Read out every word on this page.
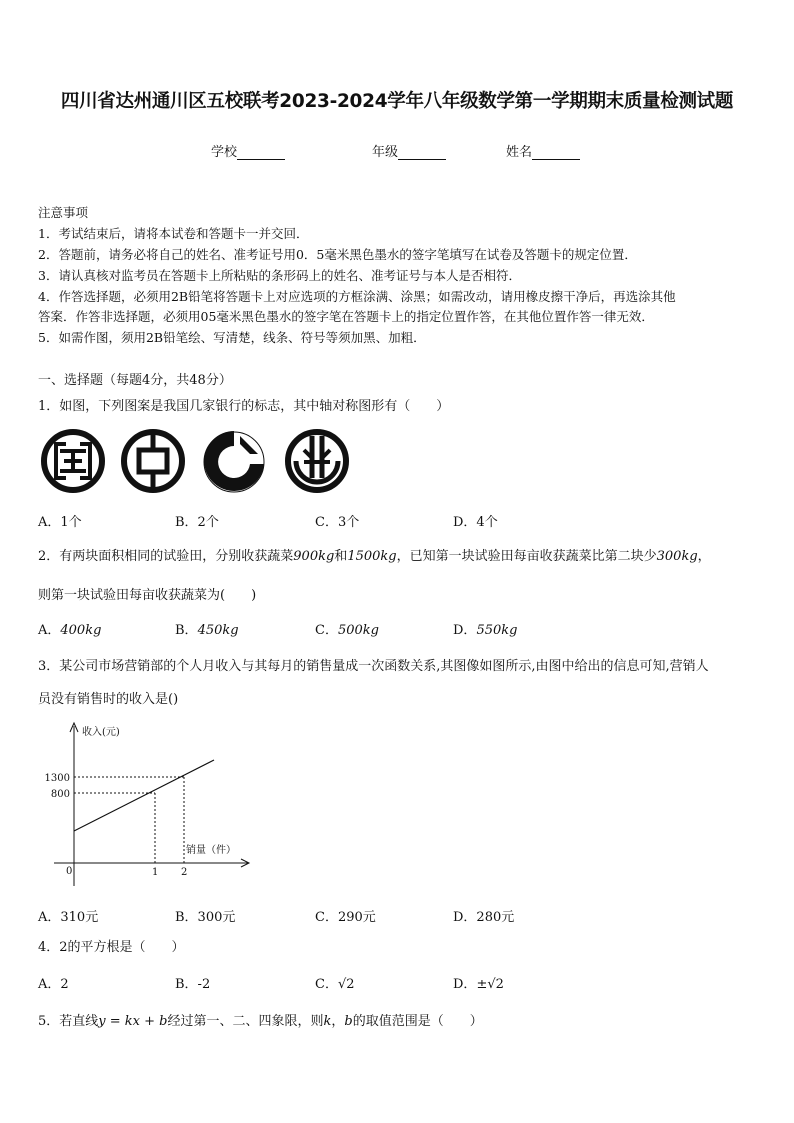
四川省达州通川区五校联考2023-2024学年八年级数学第一学期期末质量检测试题
学校	年级	姓名
注意事项
1．考试结束后，请将本试卷和答题卡一并交回．
2．答题前，请务必将自己的姓名、准考证号用0．5毫米黑色墨水的签字笔填写在试卷及答题卡的规定位置．
3．请认真核对监考员在答题卡上所粘贴的条形码上的姓名、准考证号与本人是否相符．
4．作答选择题，必须用2B铅笔将答题卡上对应选项的方框涂满、涂黑；如需改动，请用橡皮擦干净后，再选涂其他
答案．作答非选择题，必须用05毫米黑色墨水的签字笔在答题卡上的指定位置作答，在其他位置作答一律无效．
5．如需作图，须用2B铅笔绘、写清楚，线条、符号等须加黑、加粗．
一、选择题（每题4分，共48分）
1．如图，下列图案是我国几家银行的标志，其中轴对称图形有（　　）
A．1个	B．2个	C．3个	D．4个
2．有两块面积相同的试验田，分别收获蔬菜900kg和1500kg，已知第一块试验田每亩收获蔬菜比第二块少300kg，
则第一块试验田每亩收获蔬菜为(　　)
A．400kg	B．450kg	C．500kg	D．550kg
3．某公司市场营销部的个人月收入与其每月的销售量成一次函数关系,其图像如图所示,由图中给出的信息可知,营销人
员没有销售时的收入是()
收入(元)
销量（件）
1300
800
0	1 2
A．310元	B．300元	C．290元	D．280元
4．2的平方根是（　　）
A．2	B．-2	C．√2	D．±√2
5．若直线y = kx + b经过第一、二、四象限，则k，b的取值范围是（　　）
